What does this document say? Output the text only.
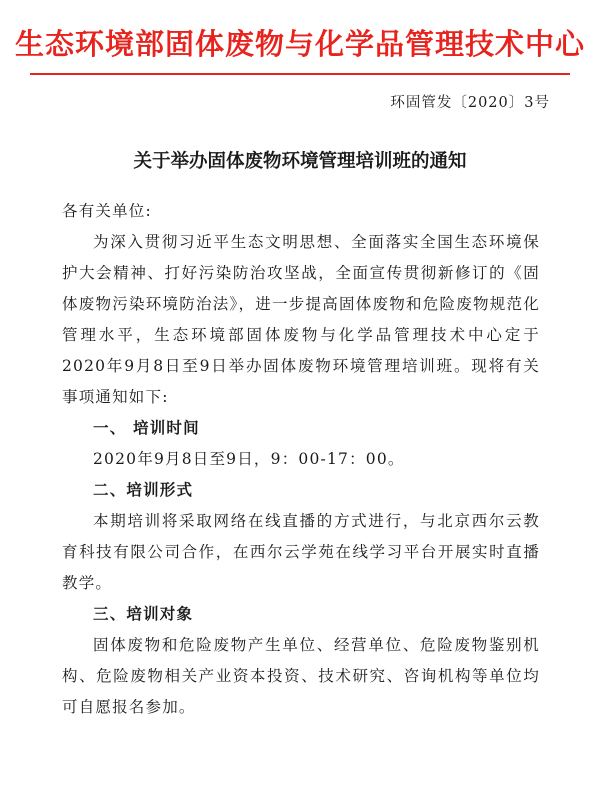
生态环境部固体废物与化学品管理技术中心
环固管发〔2020〕3号
关于举办固体废物环境管理培训班的通知

各有关单位:

为深入贯彻习近平生态文明思想、全面落实全国生态环境保护大会精神、打好污染防治攻坚战，全面宣传贯彻新修订的《固体废物污染环境防治法》，进一步提高固体废物和危险废物规范化管理水平，生态环境部固体废物与化学品管理技术中心定于2020年9月8日至9日举办固体废物环境管理培训班。现将有关事项通知如下:

一、 培训时间

2020年9月8日至9日，9：00-17：00。

二、培训形式

本期培训将采取网络在线直播的方式进行，与北京西尔云教育科技有限公司合作，在西尔云学苑在线学习平台开展实时直播教学。

三、培训对象

固体废物和危险废物产生单位、经营单位、危险废物鉴别机构、危险废物相关产业资本投资、技术研究、咨询机构等单位均可自愿报名参加。
